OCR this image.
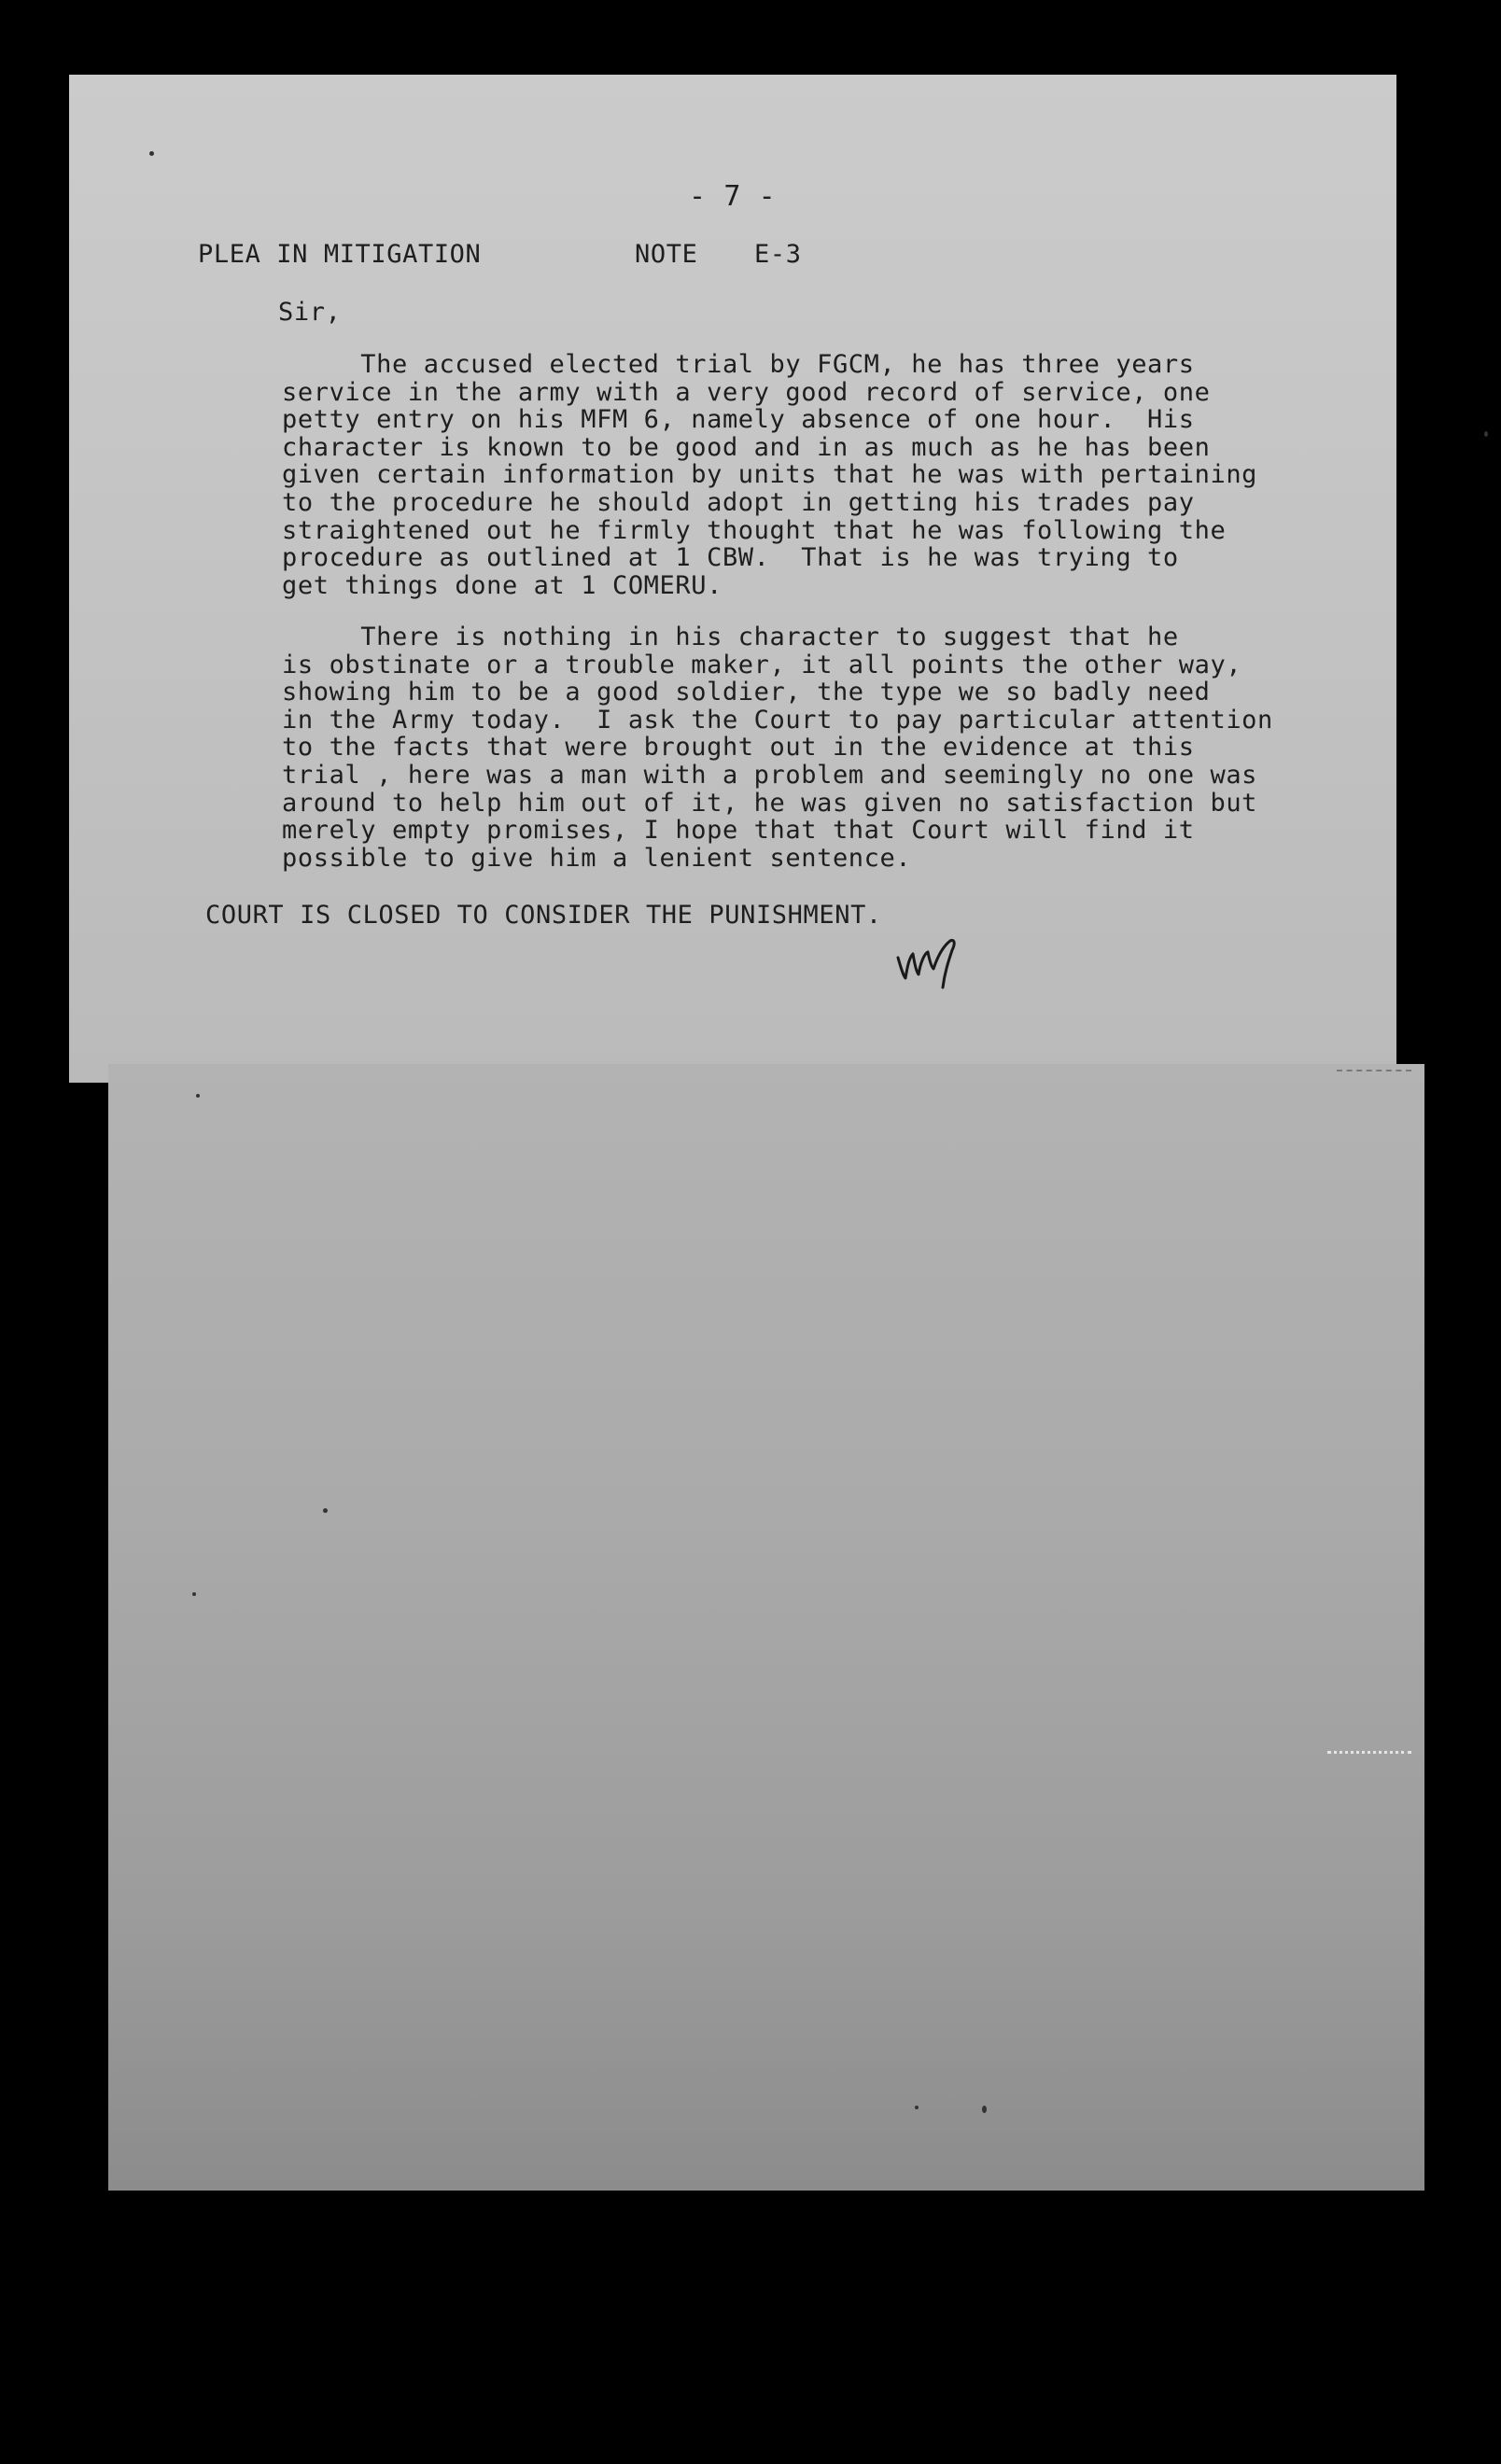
- 7 -
PLEA IN MITIGATION	NOTE E-3
Sir,
The accused elected trial by FGCM, he has three years
service in the army with a very good record of service, one
petty entry on his MFM 6, namely absence of one hour.  His
character is known to be good and in as much as he has been
given certain information by units that he was with pertaining
to the procedure he should adopt in getting his trades pay
straightened out he firmly thought that he was following the
procedure as outlined at 1 CBW.  That is he was trying to
get things done at 1 COMERU.
There is nothing in his character to suggest that he
is obstinate or a trouble maker, it all points the other way,
showing him to be a good soldier, the type we so badly need
in the Army today.  I ask the Court to pay particular attention
to the facts that were brought out in the evidence at this
trial , here was a man with a problem and seemingly no one was
around to help him out of it, he was given no satisfaction but
merely empty promises, I hope that that Court will find it
possible to give him a lenient sentence.
COURT IS CLOSED TO CONSIDER THE PUNISHMENT.
